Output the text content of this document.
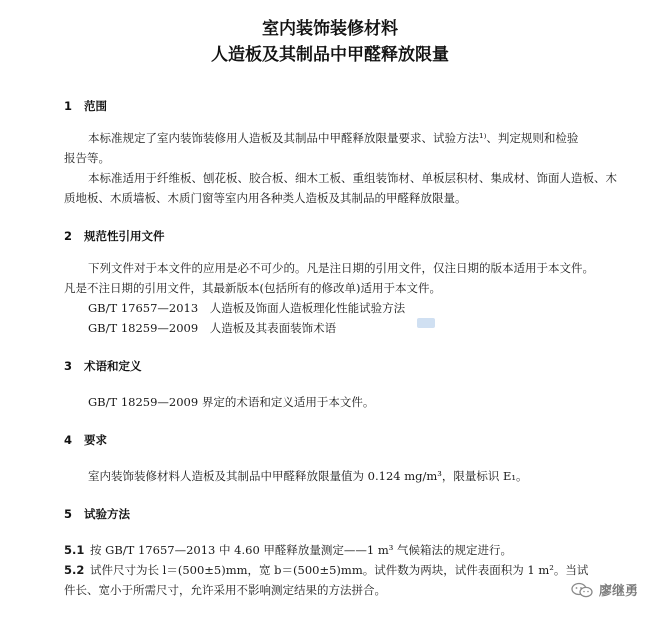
室内装饰装修材料
人造板及其制品中甲醛释放限量
1 范围
本标准规定了室内装饰装修用人造板及其制品中甲醛释放限量要求、试验方法¹⁾、判定规则和检验
报告等。
本标准适用于纤维板、刨花板、胶合板、细木工板、重组装饰材、单板层积材、集成材、饰面人造板、木
质地板、木质墙板、木质门窗等室内用各种类人造板及其制品的甲醛释放限量。
2 规范性引用文件
下列文件对于本文件的应用是必不可少的。凡是注日期的引用文件，仅注日期的版本适用于本文件。
凡是不注日期的引用文件，其最新版本(包括所有的修改单)适用于本文件。
GB/T 17657—2013　人造板及饰面人造板理化性能试验方法
GB/T 18259—2009　人造板及其表面装饰术语
3 术语和定义
GB/T 18259—2009 界定的术语和定义适用于本文件。
4 要求
室内装饰装修材料人造板及其制品中甲醛释放限量值为 0.124 mg/m³，限量标识 E₁。
5 试验方法
5.1 按 GB/T 17657—2013 中 4.60 甲醛释放量测定——1 m³ 气候箱法的规定进行。
5.2 试件尺寸为长 l＝(500±5)mm，宽 b＝(500±5)mm。试件数为两块，试件表面积为 1 m²。当试
件长、宽小于所需尺寸，允许采用不影响测定结果的方法拼合。	廖继勇
